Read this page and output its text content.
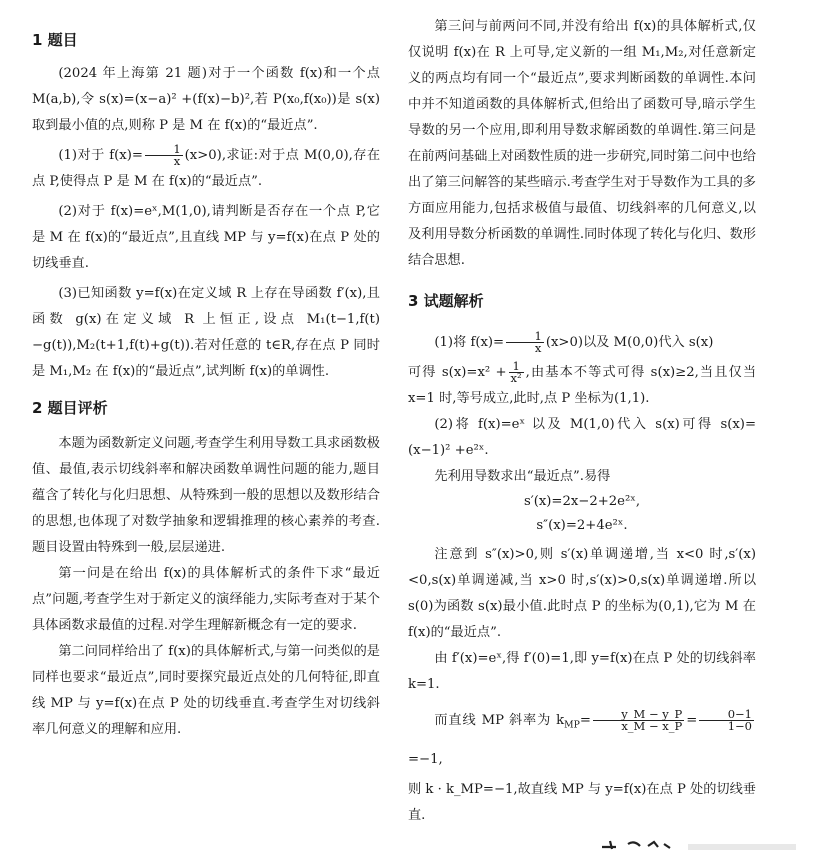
1 题目

(2024 年上海第 21 题)对于一个函数 f(x)和一个点 M(a,b),令 s(x)=(x−a)² +(f(x)−b)²,若 P(x₀,f(x₀))是 s(x)取到最小值的点,则称 P 是 M 在 f(x)的“最近点”.

(1)对于 $f(x)= \frac{1}{x} (x>0)$,求证:对于点 M(0,0),存在点 P,使得点 P 是 M 在 f(x)的“最近点”.

(2)对于 f(x)=eˣ,M(1,0),请判断是否存在一个点 P,它是 M 在 f(x)的“最近点”,且直线 MP 与 y=f(x)在点 P 处的切线垂直.

(3)已知函数 y=f(x)在定义域 R 上存在导函数 f′(x),且函数 g(x)在定义域 R 上恒正,设点 M₁(t−1,f(t)−g(t)),M₂(t+1,f(t)+g(t)).若对任意的 t∈R,存在点 P 同时是 M₁,M₂ 在 f(x)的“最近点”,试判断 f(x)的单调性.

2 题目评析

本题为函数新定义问题,考查学生利用导数工具求函数极值、最值,表示切线斜率和解决函数单调性问题的能力,题目蕴含了转化与化归思想、从特殊到一般的思想以及数形结合的思想,也体现了对数学抽象和逻辑推理的核心素养的考查.题目设置由特殊到一般,层层递进.

第一问是在给出 f(x)的具体解析式的条件下求“最近点”问题,考查学生对于新定义的演绎能力,实际考查对于某个具体函数求最值的过程.对学生理解新概念有一定的要求.

第二问同样给出了 f(x)的具体解析式,与第一问类似的是同样也要求“最近点”,同时要探究最近点处的几何特征,即直线 MP 与 y=f(x)在点 P 处的切线垂直.考查学生对切线斜率几何意义的理解和应用.

第三问与前两问不同,并没有给出 f(x)的具体解析式,仅仅说明 f(x)在 R 上可导,定义新的一组 M₁,M₂,对任意新定义的两点均有同一个“最近点”,要求判断函数的单调性.本问中并不知道函数的具体解析式,但给出了函数可导,暗示学生导数的另一个应用,即利用导数求解函数的单调性.第三问是在前两问基础上对函数性质的进一步研究,同时第二问中也给出了第三问解答的某些暗示.考查学生对于导数作为工具的多方面应用能力,包括求极值与最值、切线斜率的几何意义,以及利用导数分析函数的单调性.同时体现了转化与化归、数形结合思想.

3 试题解析

(1)将 $f(x)= \frac{1}{x} (x>0)$以及 M(0,0)代入 s(x)

可得 $s(x)=x^2 + \frac{1}{\text{x²}}$ ,由基本不等式可得 s(x)≥2,当且仅当 x=1 时,等号成立,此时,点 P 坐标为(1,1).

(2)将 f(x)=eˣ 以及 M(1,0)代入 s(x)可得 s(x)=(x−1)² +e²ˣ.

先利用导数求出“最近点”.易得

s′(x)=2x−2+2e²ˣ,
s″(x)=2+4e²ˣ.

注意到 s″(x)>0,则 s′(x)单调递增,当 x<0 时,s′(x)<0,s(x)单调递减,当 x>0 时,s′(x)>0,s(x)单调递增.所以 s(0)为函数 s(x)最小值.此时点 P 的坐标为(0,1),它为 M 在 f(x)的“最近点”.

由 f′(x)=eˣ,得 f′(0)=1,即 y=f(x)在点 P 处的切线斜率 k=1.

而直线 MP 斜率为 $k_{MP}= \frac{y\_M - y\_P}{x\_M - x\_P} = \frac{0-1}{1-0}$
=−1,

则 k · k_MP=−1,故直线 MP 与 y=f(x)在点 P 处的切线垂直.
